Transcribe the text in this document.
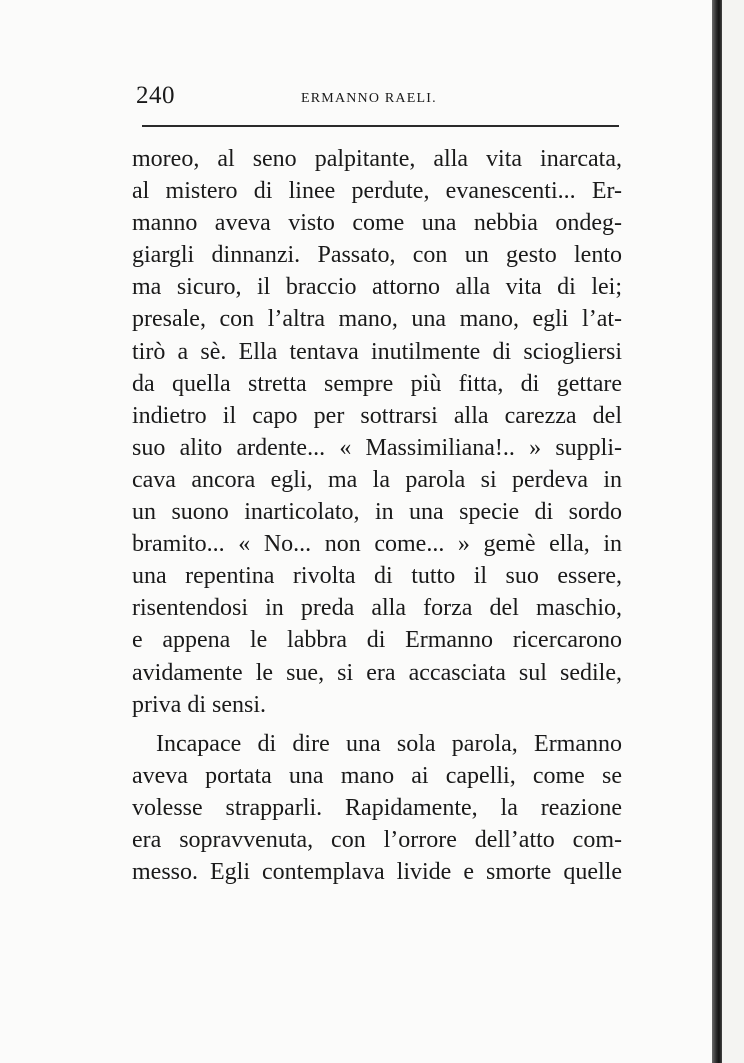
240	ERMANNO RAELI.
moreo, al seno palpitante, alla vita inarcata,
al mistero di linee perdute, evanescenti... Er-
manno aveva visto come una nebbia ondeg-
giargli dinnanzi. Passato, con un gesto lento
ma sicuro, il braccio attorno alla vita di lei;
presale, con l’altra mano, una mano, egli l’at-
tirò a sè. Ella tentava inutilmente di sciogliersi
da quella stretta sempre più fitta, di gettare
indietro il capo per sottrarsi alla carezza del
suo alito ardente... « Massimiliana!.. » suppli-
cava ancora egli, ma la parola si perdeva in
un suono inarticolato, in una specie di sordo
bramito... « No... non come... » gemè ella, in
una repentina rivolta di tutto il suo essere,
risentendosi in preda alla forza del maschio,
e appena le labbra di Ermanno ricercarono
avidamente le sue, si era accasciata sul sedile,
priva di sensi.
Incapace di dire una sola parola, Ermanno
aveva portata una mano ai capelli, come se
volesse strapparli. Rapidamente, la reazione
era sopravvenuta, con l’orrore dell’atto com-
messo. Egli contemplava livide e smorte quelle
